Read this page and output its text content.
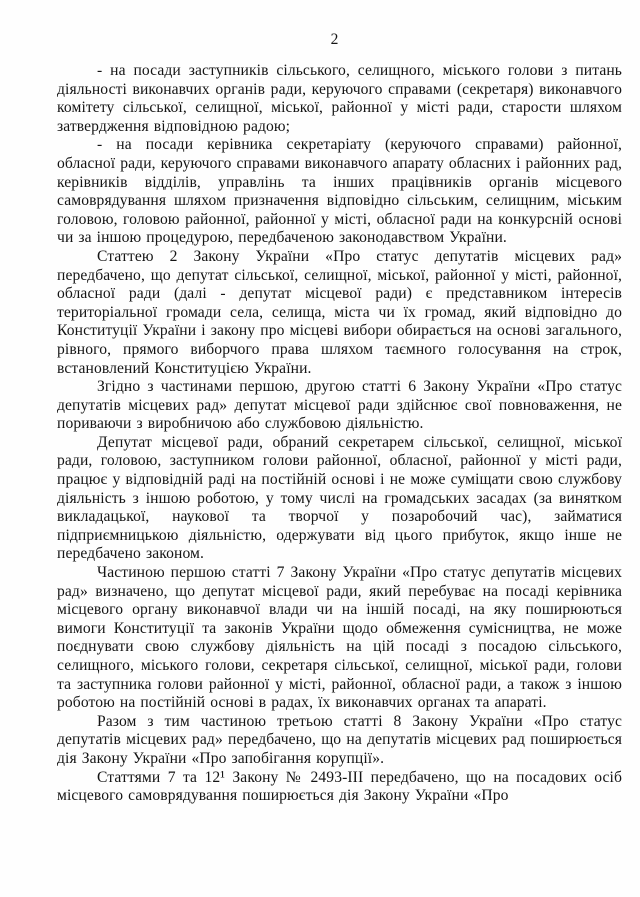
2

- на посади заступників сільського, селищного, міського голови з питань діяльності виконавчих органів ради, керуючого справами (секретаря) виконавчого комітету сільської, селищної, міської, районної у місті ради, старости шляхом затвердження відповідною радою;

- на посади керівника секретаріату (керуючого справами) районної, обласної ради, керуючого справами виконавчого апарату обласних і районних рад, керівників відділів, управлінь та інших працівників органів місцевого самоврядування шляхом призначення відповідно сільським, селищним, міським головою, головою районної, районної у місті, обласної ради на конкурсній основі чи за іншою процедурою, передбаченою законодавством України.

Статтею 2 Закону України «Про статус депутатів місцевих рад» передбачено, що депутат сільської, селищної, міської, районної у місті, районної, обласної ради (далі - депутат місцевої ради) є представником інтересів територіальної громади села, селища, міста чи їх громад, який відповідно до Конституції України і закону про місцеві вибори обирається на основі загального, рівного, прямого виборчого права шляхом таємного голосування на строк, встановлений Конституцією України.

Згідно з частинами першою, другою статті 6 Закону України «Про статус депутатів місцевих рад» депутат місцевої ради здійснює свої повноваження, не пориваючи з виробничою або службовою діяльністю.

Депутат місцевої ради, обраний секретарем сільської, селищної, міської ради, головою, заступником голови районної, обласної, районної у місті ради, працює у відповідній раді на постійній основі і не може суміщати свою службову діяльність з іншою роботою, у тому числі на громадських засадах (за винятком викладацької, наукової та творчої у позаробочий час), займатися підприємницькою діяльністю, одержувати від цього прибуток, якщо інше не передбачено законом.

Частиною першою статті 7 Закону України «Про статус депутатів місцевих рад» визначено, що депутат місцевої ради, який перебуває на посаді керівника місцевого органу виконавчої влади чи на іншій посаді, на яку поширюються вимоги Конституції та законів України щодо обмеження сумісництва, не може поєднувати свою службову діяльність на цій посаді з посадою сільського, селищного, міського голови, секретаря сільської, селищної, міської ради, голови та заступника голови районної у місті, районної, обласної ради, а також з іншою роботою на постійній основі в радах, їх виконавчих органах та апараті.

Разом з тим частиною третьою статті 8 Закону України «Про статус депутатів місцевих рад» передбачено, що на депутатів місцевих рад поширюється дія Закону України «Про запобігання корупції».

Статтями 7 та 12¹ Закону № 2493-III передбачено, що на посадових осіб місцевого самоврядування поширюється дія Закону України «Про
